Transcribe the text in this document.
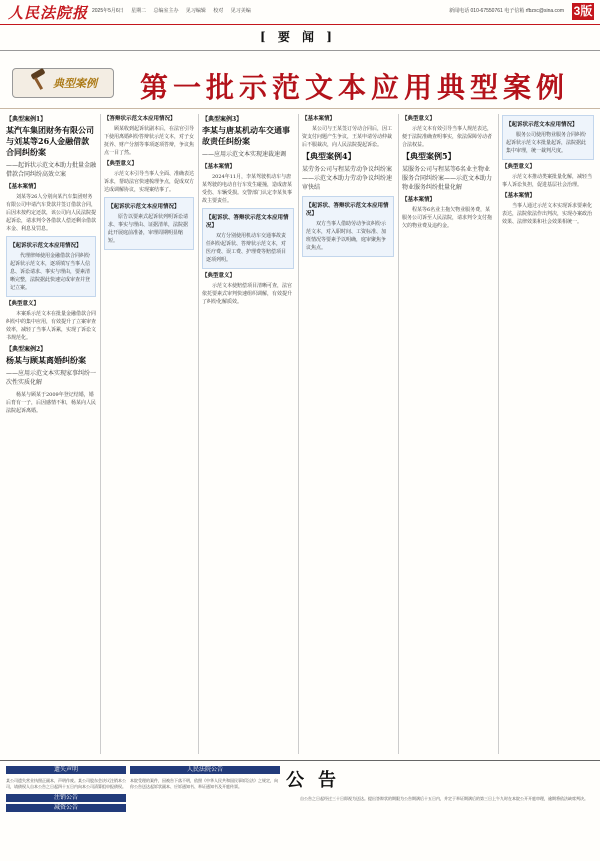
人民法院报 2025年5月6日 星期二 总编室主办 见习编辑 校对 见习美编	新闻电话 010-67550761 电子信箱 rfbzxc@sina.com 3版
[ 要 闻 ]
典型案例 第一批示范文本应用典型案例
【典型案例1】
某汽车集团财务有限公司与刘某等26人金融借款合同纠纷案
——起诉状示范文本助力批量金融借款合同纠纷高效立案
【基本案情】

刘某等26人分别向某汽车集团财务有限公司申请汽车贷款并签订借款合同，后因未按约定还款，该公司向人民法院提起诉讼，请求判令各借款人偿还剩余借款本金、利息及罚息。

【起诉状示范文本应用情况】

代理律师使用金融借款合同纠纷起诉状示范文本，逐项填写当事人信息、诉讼请求、事实与理由，要素清晰完整，法院据此快速完成审查并登记立案。

【典型意义】

本案系示范文本在批量金融借款合同纠纷中的集中应用，有效提升了立案审查效率，减轻了当事人诉累，实现了诉讼文书规范化。

【典型案例2】
杨某与顾某离婚纠纷案
——应用示范文本实现家事纠纷一次性实质化解

杨某与顾某于2009年登记结婚，婚后育有一子，后因感情不和，杨某向人民法院起诉离婚。

【答辩状示范文本应用情况】

顾某收到起诉状副本后，在法官引导下使用离婚纠纷答辩状示范文本，对子女抚养、财产分割等事项逐项答辩，争议焦点一目了然。

【典型意义】

示范文本引导当事人全面、准确表达诉求，帮助法官快速梳理争点，促成双方达成调解协议，实现案结事了。

【起诉状示范文本应用情况】

原告以要素式起诉状列明诉讼请求、事实与理由、证据清单，法院据此开展庭前准备，审理周期明显缩短。

【典型案例3】
李某与唐某机动车交通事故责任纠纷案
——应用示范文本实现速裁速调
【基本案情】

2024年11月，李某驾驶机动车与唐某驾驶的电动自行车发生碰撞，造成唐某受伤、车辆受损。交警部门认定李某负事故主要责任。

【起诉状、答辩状示范文本应用情况】

双方分别使用机动车交通事故责任纠纷起诉状、答辩状示范文本，对医疗费、误工费、护理费等赔偿项目逐项列明。

【典型意义】

示范文本使赔偿项目清晰可查，法官依托要素式审判快速组织调解，有效提升了纠纷化解质效。

【基本案情】

某公司与王某签订劳动合同后，因工资支付问题产生争议，王某申请劳动仲裁后不服裁决，向人民法院提起诉讼。

【典型案例4】
某劳务公司与程某劳动争议纠纷案——示范文本助力劳动争议纠纷速审快结
【起诉状、答辩状示范文本应用情况】

双方当事人借助劳动争议纠纷示范文本，对入职时间、工资标准、加班情况等要素予以明确，庭审聚焦争议焦点。

【典型意义】

示范文本有效引导当事人规范表达，便于法院准确查明事实，依法保障劳动者合法权益。

【典型案例5】
某服务公司与程某等6名业主物业服务合同纠纷案——示范文本助力物业服务纠纷批量化解
【基本案情】

程某等6名业主拖欠物业服务费，某服务公司诉至人民法院，请求判令支付拖欠的物业费及违约金。

【起诉状示范文本应用情况】

服务公司使用物业服务合同纠纷起诉状示范文本批量起诉，法院据此集中审理，统一裁判尺度。

【典型意义】

示范文本推动类案批量化解，减轻当事人诉讼负担，促进基层社会治理。

【基本案情】

当事人通过示范文本实现诉求要素化表达，法院依法作出判决，实现办案政治效果、法律效果和社会效果相统一。

遗失声明

某公司遗失营业执照正副本，声明作废。某公司股东会决议注销本公司，请债权人自本公告之日起四十五日内向本公司清算组申报债权。

注销公告
减资公告
人民法院公告

本院受理的案件，因被告下落不明，依照《中华人民共和国民事诉讼法》之规定，向你公告送达起诉状副本、应诉通知书、举证通知书及开庭传票。	公告

自公告之日起经过三十日即视为送达。提出答辩状的期限为公告期满后十五日内，并定于举证期满后的第三日上午九时在本院公开开庭审理，逾期将依法缺席判决。
